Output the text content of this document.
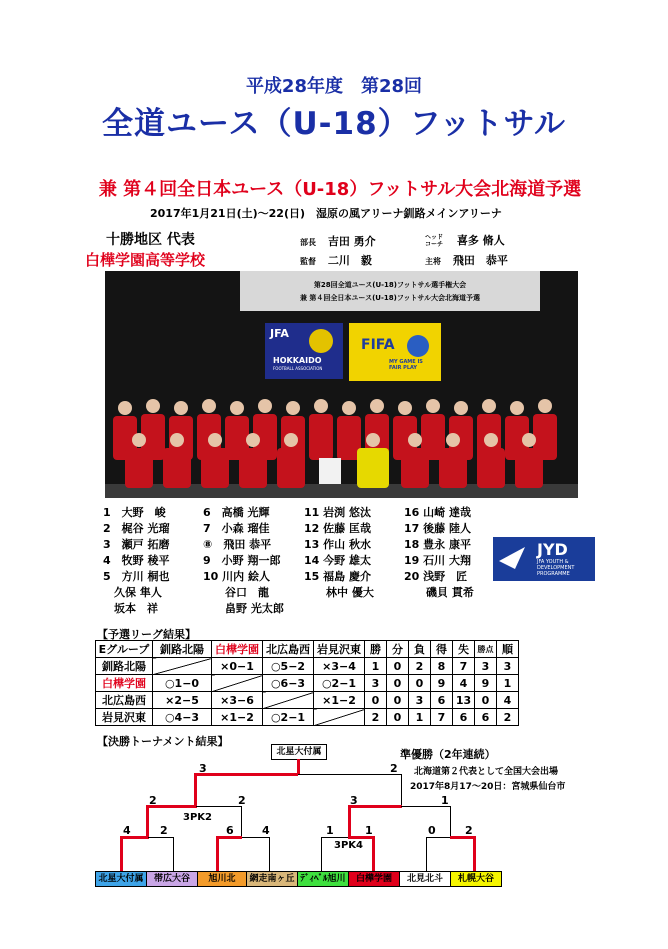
平成28年度　第28回
全道ユース（U-18）フットサル
兼 第４回全日本ユース（U-18）フットサル大会北海道予選
2017年1月21日(土)～22(日)　湿原の風アリーナ釧路メインアリーナ
十勝地区 代表
白樺学園高等学校
部長 吉田 勇介	ヘッドコーチ 喜多 脩人
監督 二川　毅	主将 飛田　恭平
第28回全道ユース(U-18)フットサル選手権大会
兼 第４回全日本ユース(U-18)フットサル大会北海道予選
JFA
HOKKAIDO
FOOTBALL ASSOCIATION
FIFA
MY GAME IS FAIR PLAY
1　大野　峻
2　梶谷 光瑠
3　瀬戸 拓磨
4　牧野 稜平
5　方川 桐也
　久保 隼人
　坂本　祥
6　高橋 光輝
7　小森 瑠佳
⑧　飛田 恭平
9　小野 翔一郎
10 川内 絵人
　　谷口　龍
　　畠野 光太郎
11 岩渕 悠汰
12 佐藤 匡哉
13 作山 秋水
14 今野 雄太
15 福島 慶介
　　林中 優大
16 山崎 達哉
17 後藤 陸人
18 豊永 康平
19 石川 大翔
20 浅野　匠
　　磯貝 貫希
JYD
JFA YOUTH &
DEVELOPMENT
PROGRAMME
【予選リーグ結果】
Eグループ	釧路北陽	白樺学園	北広島西	岩見沢東	勝	分	負	得	失	勝点	順
釧路北陽		×0−1	○5−2	×3−4	1	0	2	8	7	3	3
白樺学園	○1−0		○6−3	○2−1	3	0	0	9	4	9	1
北広島西	×2−5	×3−6		×1−2	0	0	3	6	13	0	4
岩見沢東	○4−3	×1−2	○2−1		2	0	1	7	6	6	2
【決勝トーナメント結果】
北星大付属	準優勝（2年連続）
北海道第２代表として全国大会出場
2017年8月17〜20日：宮城県仙台市
3	2
2	2	3	1
3PK2
4	2	6	4	1	1	0	2
3PK4
北星大付属	帯広大谷	旭川北	網走南ヶ丘 ﾃﾞｨﾍﾞﾙ旭川	白樺学園	北見北斗	札幌大谷
